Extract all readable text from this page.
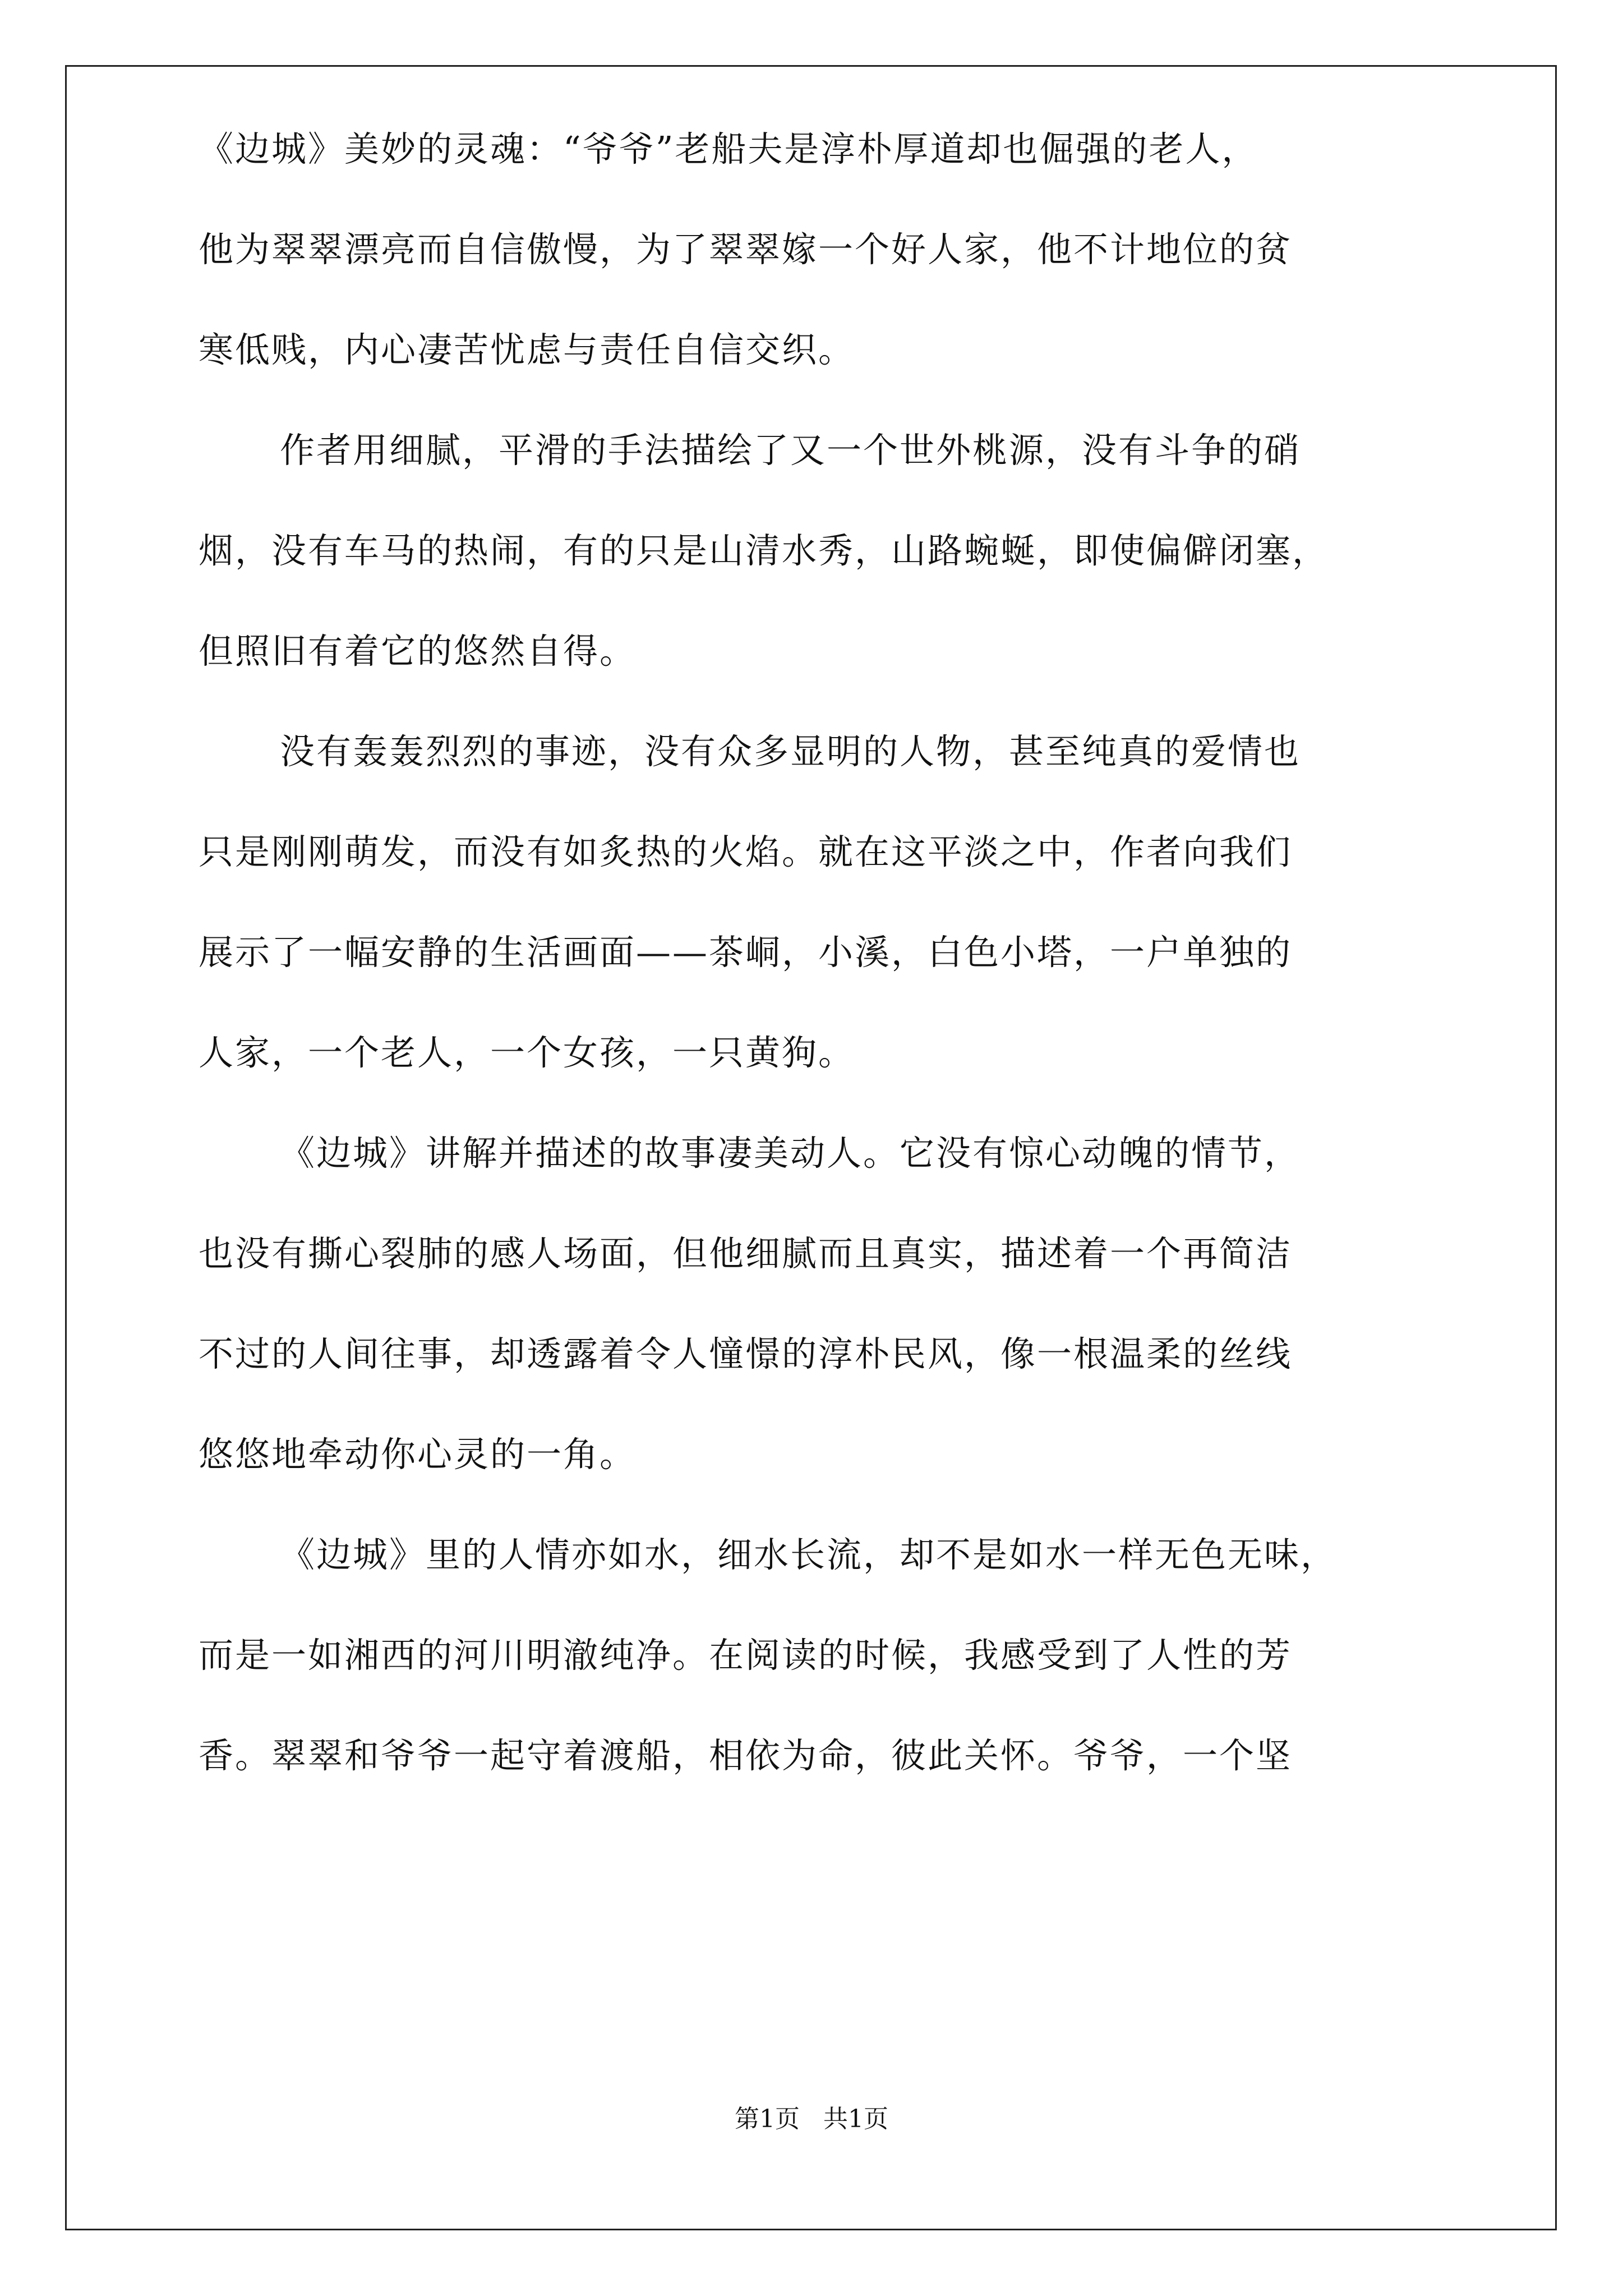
《边城》美妙的灵魂：“爷爷”老船夫是淳朴厚道却也倔强的老人，
他为翠翠漂亮而自信傲慢，为了翠翠嫁一个好人家，他不计地位的贫
寒低贱，内心凄苦忧虑与责任自信交织。
作者用细腻，平滑的手法描绘了又一个世外桃源，没有斗争的硝
烟，没有车马的热闹，有的只是山清水秀，山路蜿蜒，即使偏僻闭塞，
但照旧有着它的悠然自得。
没有轰轰烈烈的事迹，没有众多显明的人物，甚至纯真的爱情也
只是刚刚萌发，而没有如炙热的火焰。就在这平淡之中，作者向我们
展示了一幅安静的生活画面——茶峒，小溪，白色小塔，一户单独的
人家，一个老人，一个女孩，一只黄狗。
《边城》讲解并描述的故事凄美动人。它没有惊心动魄的情节，
也没有撕心裂肺的感人场面，但他细腻而且真实，描述着一个再简洁
不过的人间往事，却透露着令人憧憬的淳朴民风，像一根温柔的丝线
悠悠地牵动你心灵的一角。
《边城》里的人情亦如水，细水长流，却不是如水一样无色无味，
而是一如湘西的河川明澈纯净。在阅读的时候，我感受到了人性的芳
香。翠翠和爷爷一起守着渡船，相依为命，彼此关怀。爷爷，一个坚
第1页   共1页
